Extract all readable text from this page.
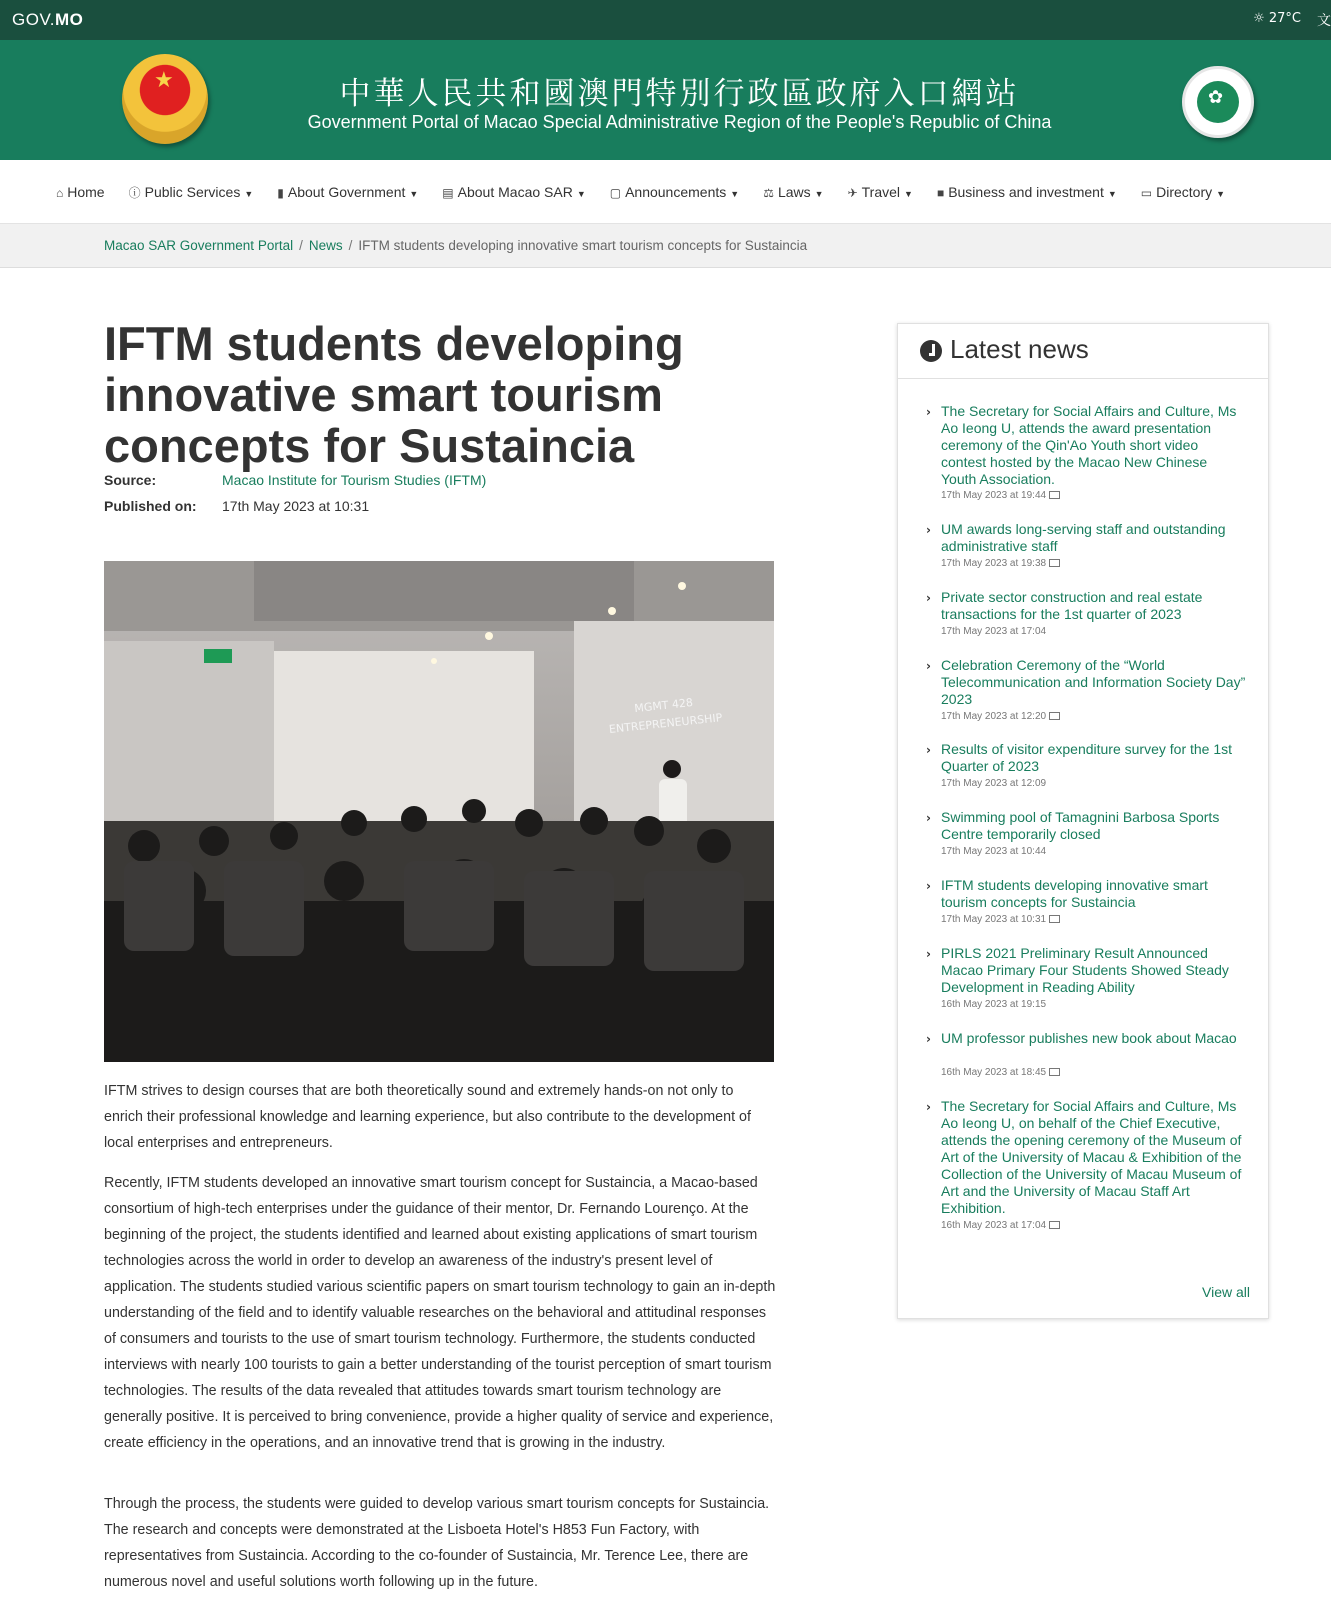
GOV.MO	☼ 27°C 文
★	中華人民共和國澳門特別行政區政府入口網站
Government Portal of Macao Special Administrative Region of the People's Republic of China
✿
⌂ Home ⓘ Public Services ▼ ▮ About Government ▼ ▤ About Macao SAR ▼ ▢ Announcements ▼ ⚖ Laws ▼ ✈ Travel ▼ ■ Business and investment ▼ ▭ Directory ▼
Macao SAR Government Portal / News / IFTM students developing innovative smart tourism concepts for Sustaincia
IFTM students developing innovative smart tourism concepts for Sustaincia
Source:	Macao Institute for Tourism Studies (IFTM)
Published on:	17th May 2023 at 10:31
MGMT 428
ENTREPRENEURSHIP

IFTM strives to design courses that are both theoretically sound and extremely hands-on not only to enrich their professional knowledge and learning experience, but also contribute to the development of local enterprises and entrepreneurs.

Recently, IFTM students developed an innovative smart tourism concept for Sustaincia, a Macao-based consortium of high-tech enterprises under the guidance of their mentor, Dr. Fernando Lourenço. At the beginning of the project, the students identified and learned about existing applications of smart tourism technologies across the world in order to develop an awareness of the industry's present level of application. The students studied various scientific papers on smart tourism technology to gain an in-depth understanding of the field and to identify valuable researches on the behavioral and attitudinal responses of consumers and tourists to the use of smart tourism technology. Furthermore, the students conducted interviews with nearly 100 tourists to gain a better understanding of the tourist perception of smart tourism technologies. The results of the data revealed that attitudes towards smart tourism technology are generally positive. It is perceived to bring convenience, provide a higher quality of service and experience, create efficiency in the operations, and an innovative trend that is growing in the industry.

Through the process, the students were guided to develop various smart tourism concepts for Sustaincia. The research and concepts were demonstrated at the Lisboeta Hotel's H853 Fun Factory, with representatives from Sustaincia. According to the co-founder of Sustaincia, Mr. Terence Lee, there are numerous novel and useful solutions worth following up in the future.

Latest news
› The Secretary for Social Affairs and Culture, Ms Ao Ieong U, attends the award presentation ceremony of the Qin'Ao Youth short video contest hosted by the Macao New Chinese Youth Association.
17th May 2023 at 19:44
› UM awards long-serving staff and outstanding administrative staff
17th May 2023 at 19:38
› Private sector construction and real estate transactions for the 1st quarter of 2023
17th May 2023 at 17:04
› Celebration Ceremony of the “World Telecommunication and Information Society Day” 2023
17th May 2023 at 12:20
› Results of visitor expenditure survey for the 1st Quarter of 2023
17th May 2023 at 12:09
› Swimming pool of Tamagnini Barbosa Sports Centre temporarily closed
17th May 2023 at 10:44
› IFTM students developing innovative smart tourism concepts for Sustaincia
17th May 2023 at 10:31
› PIRLS 2021 Preliminary Result Announced Macao Primary Four Students Showed Steady Development in Reading Ability
16th May 2023 at 19:15
› UM professor publishes new book about Macao
16th May 2023 at 18:45
› The Secretary for Social Affairs and Culture, Ms Ao Ieong U, on behalf of the Chief Executive, attends the opening ceremony of the Museum of Art of the University of Macau & Exhibition of the Collection of the University of Macau Museum of Art and the University of Macau Staff Art Exhibition.
16th May 2023 at 17:04
View all
